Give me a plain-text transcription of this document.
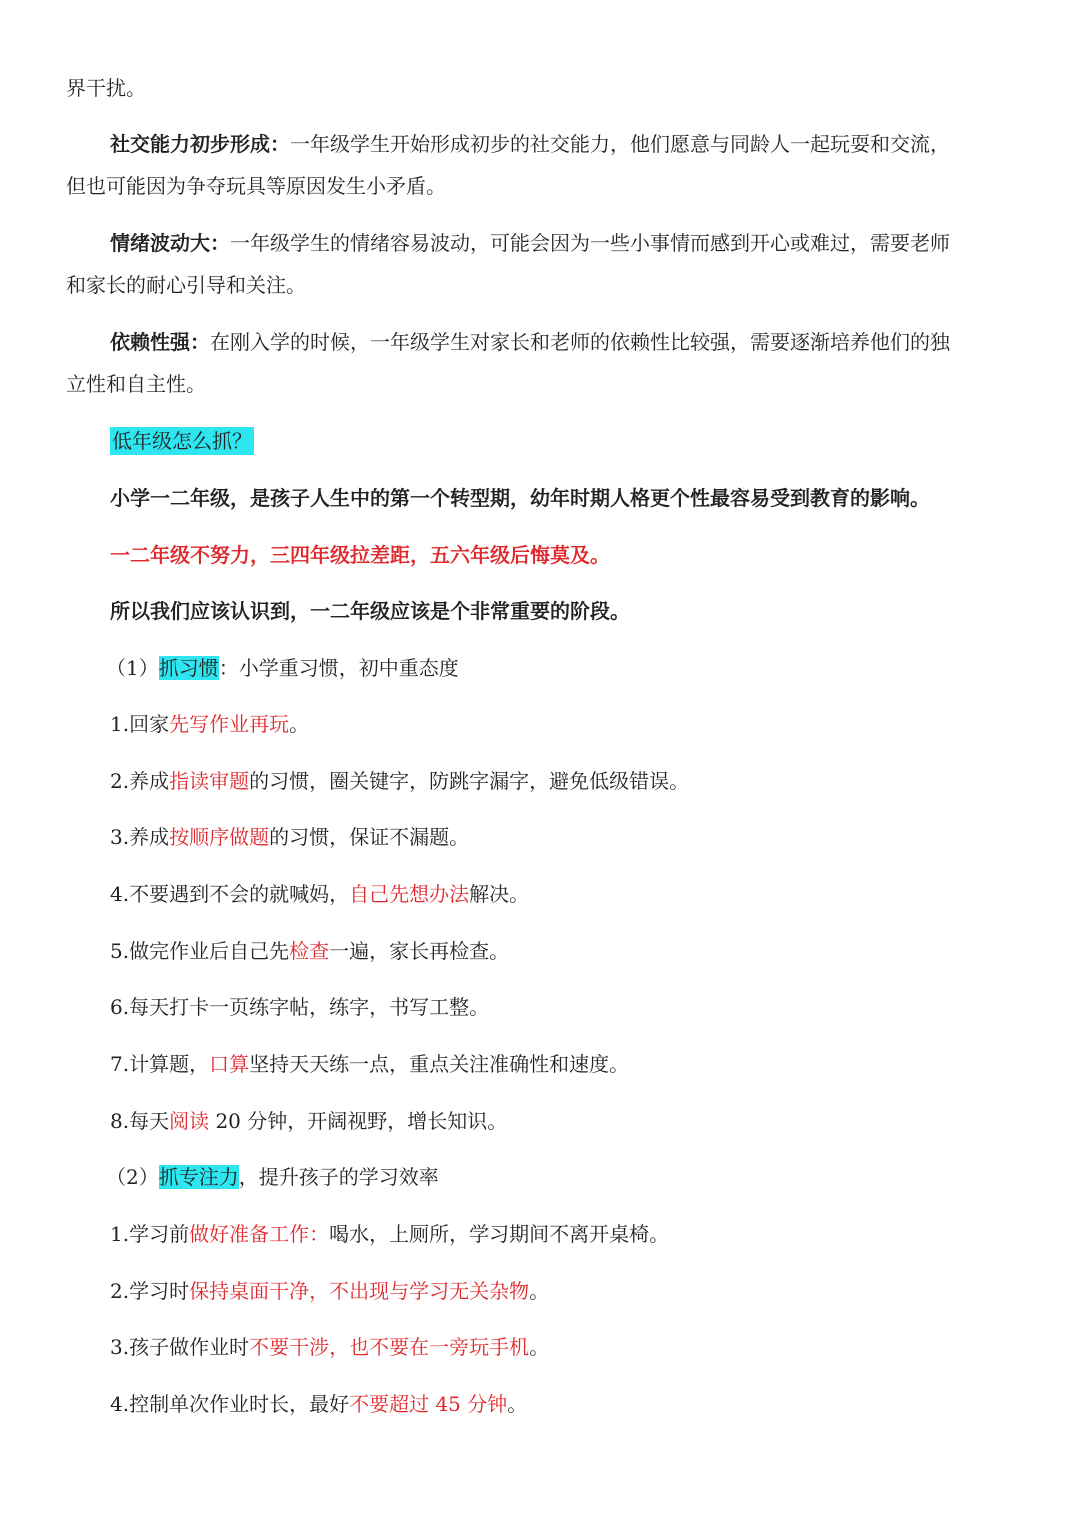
界干扰。
社交能力初步形成：一年级学生开始形成初步的社交能力，他们愿意与同龄人一起玩耍和交流，
但也可能因为争夺玩具等原因发生小矛盾。
情绪波动大：一年级学生的情绪容易波动，可能会因为一些小事情而感到开心或难过，需要老师
和家长的耐心引导和关注。
依赖性强：在刚入学的时候，一年级学生对家长和老师的依赖性比较强，需要逐渐培养他们的独
立性和自主性。
低年级怎么抓？
小学一二年级，是孩子人生中的第一个转型期，幼年时期人格更个性最容易受到教育的影响。
一二年级不努力，三四年级拉差距，五六年级后悔莫及。
所以我们应该认识到，一二年级应该是个非常重要的阶段。
（1）抓习惯：小学重习惯，初中重态度
1.回家先写作业再玩。
2.养成指读审题的习惯，圈关键字，防跳字漏字，避免低级错误。
3.养成按顺序做题的习惯，保证不漏题。
4.不要遇到不会的就喊妈，自己先想办法解决。
5.做完作业后自己先检查一遍，家长再检查。
6.每天打卡一页练字帖，练字，书写工整。
7.计算题，口算坚持天天练一点，重点关注准确性和速度。
8.每天阅读 20 分钟，开阔视野，增长知识。
（2）抓专注力，提升孩子的学习效率
1.学习前做好准备工作：喝水，上厕所，学习期间不离开桌椅。
2.学习时保持桌面干净，不出现与学习无关杂物。
3.孩子做作业时不要干涉，也不要在一旁玩手机。
4.控制单次作业时长，最好不要超过 45 分钟。
